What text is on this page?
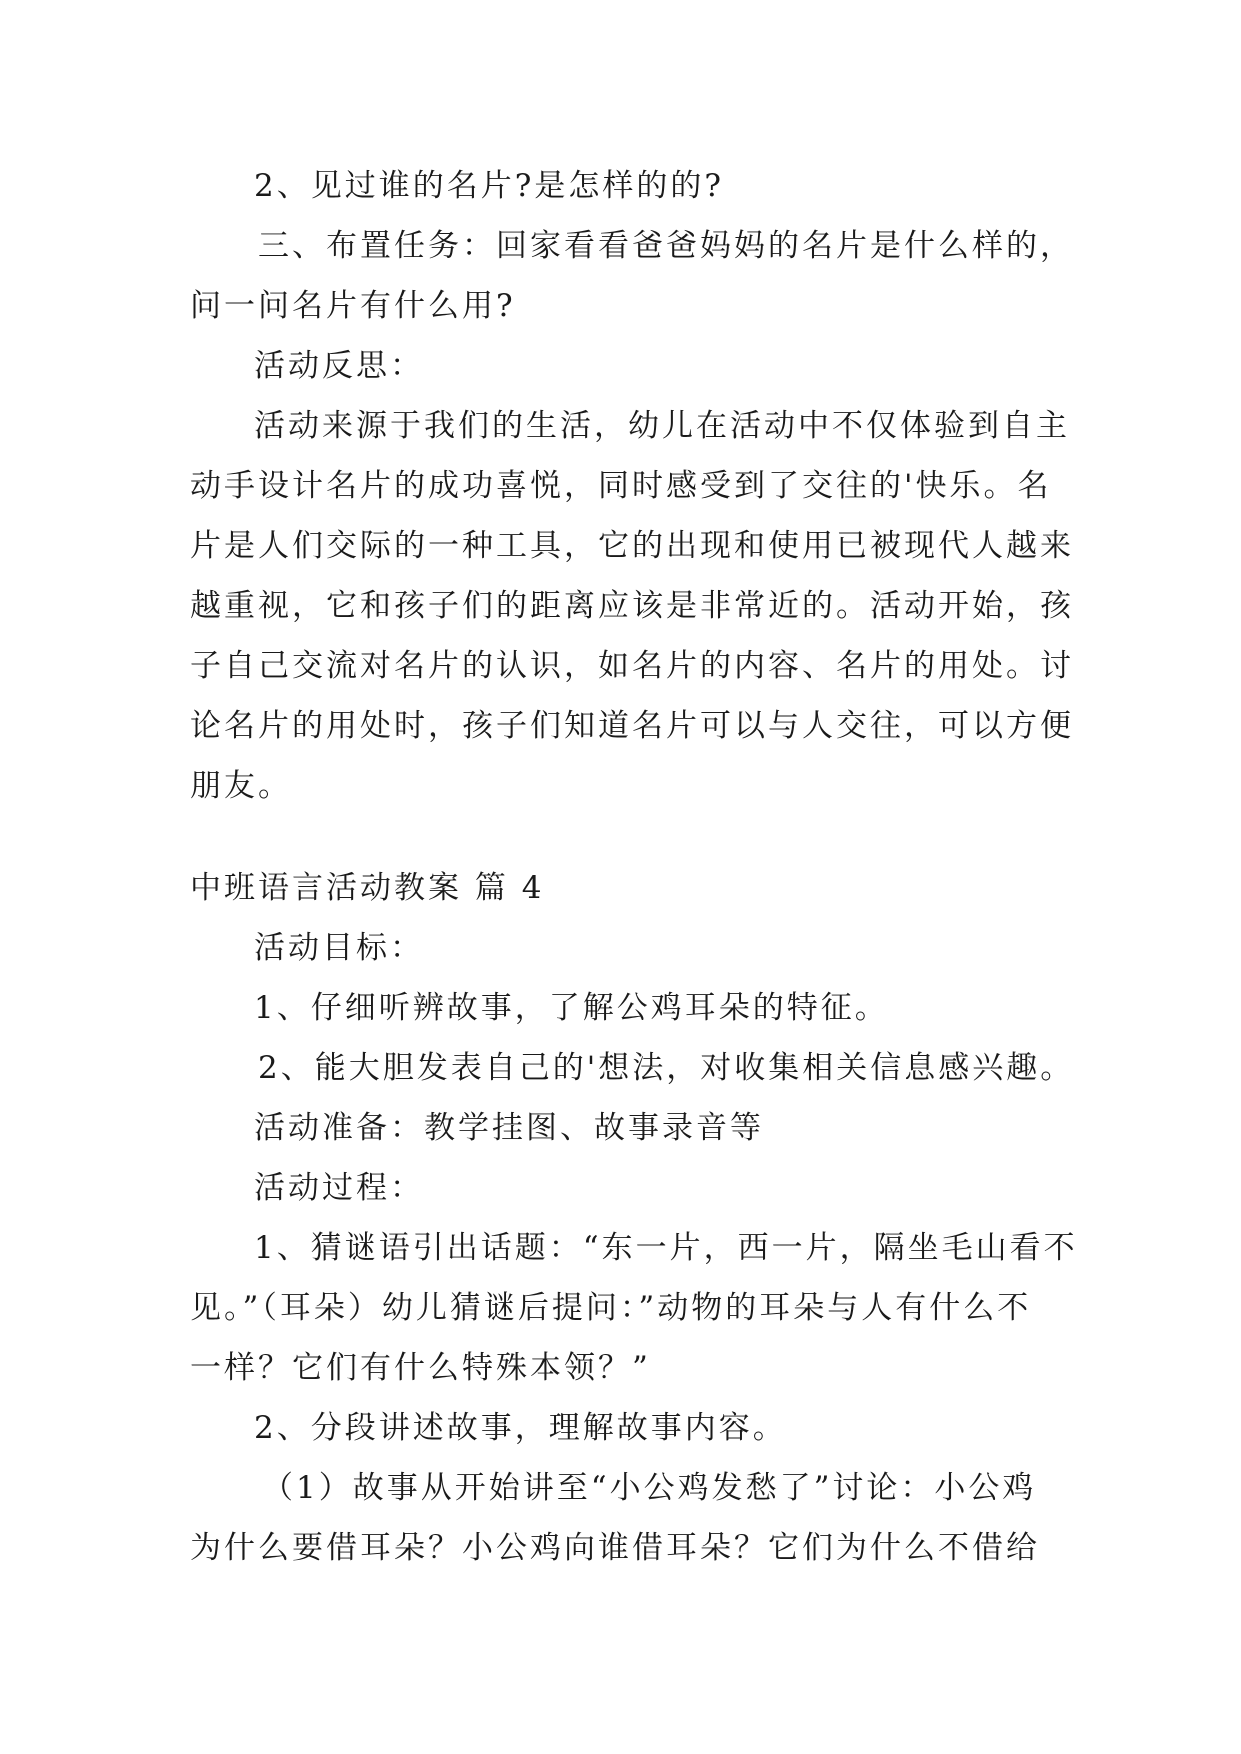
2、见过谁的名片?是怎样的的?
三、布置任务：回家看看爸爸妈妈的名片是什么样的，
问一问名片有什么用?
活动反思：
活动来源于我们的生活，幼儿在活动中不仅体验到自主
动手设计名片的成功喜悦，同时感受到了交往的'快乐。名
片是人们交际的一种工具，它的出现和使用已被现代人越来
越重视，它和孩子们的距离应该是非常近的。活动开始，孩
子自己交流对名片的认识，如名片的内容、名片的用处。讨
论名片的用处时，孩子们知道名片可以与人交往，可以方便
朋友。
中班语言活动教案 篇 4
活动目标：
1、仔细听辨故事，了解公鸡耳朵的特征。
2、能大胆发表自己的'想法，对收集相关信息感兴趣。
活动准备：教学挂图、故事录音等
活动过程：
1、猜谜语引出话题：“东一片，西一片，隔坐毛山看不
见。”（耳朵）幼儿猜谜后提问：”动物的耳朵与人有什么不
一样？它们有什么特殊本领？”
2、分段讲述故事，理解故事内容。
（1）故事从开始讲至“小公鸡发愁了”讨论：小公鸡
为什么要借耳朵？小公鸡向谁借耳朵？它们为什么不借给
